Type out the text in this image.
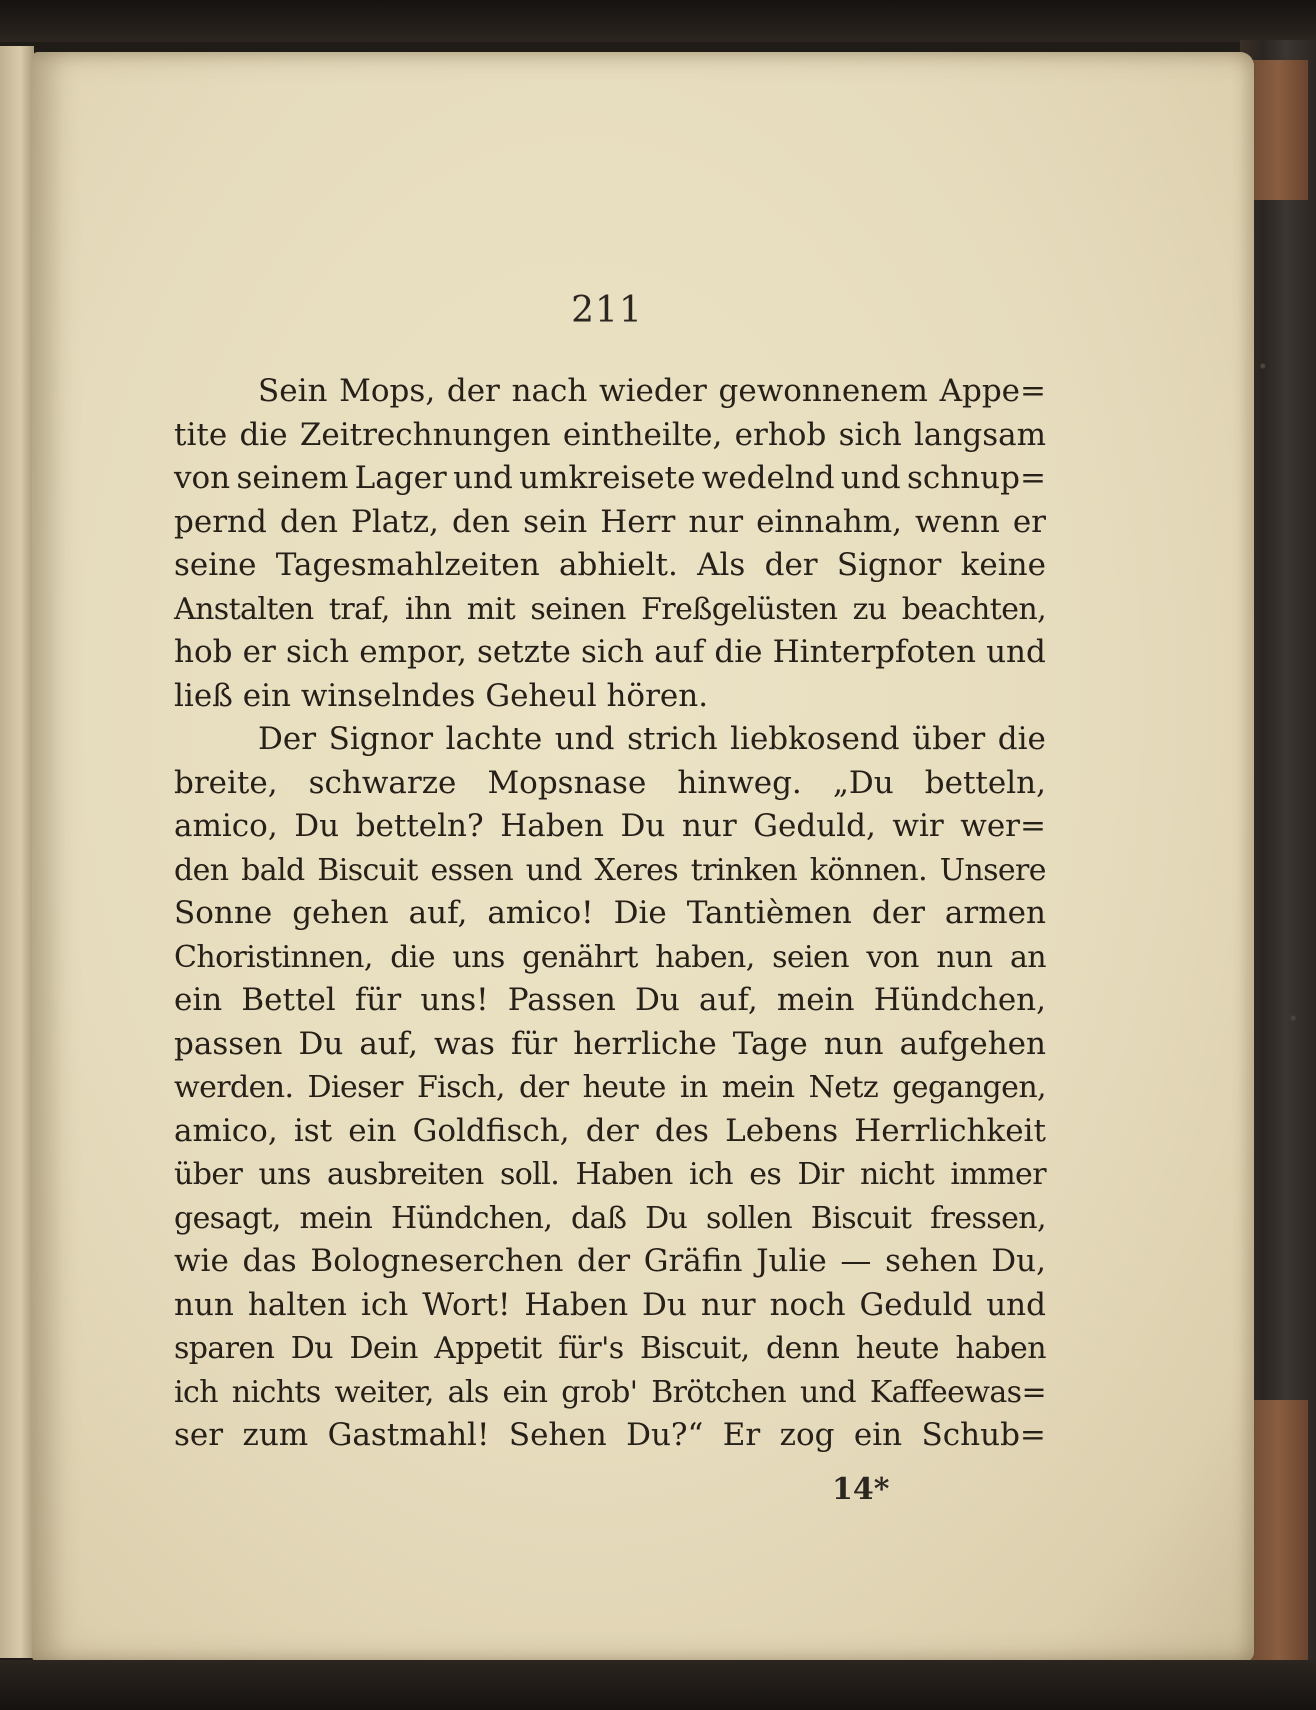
211
Sein Mops, der nach wieder gewonnenem Appe=
tite die Zeitrechnungen eintheilte, erhob sich langsam
von seinem Lager und umkreisete wedelnd und schnup=
pernd den Platz, den sein Herr nur einnahm, wenn er
seine Tagesmahlzeiten abhielt. Als der Signor keine
Anstalten traf, ihn mit seinen Freßgelüsten zu beachten,
hob er sich empor, setzte sich auf die Hinterpfoten und
ließ ein winselndes Geheul hören.
Der Signor lachte und strich liebkosend über die
breite, schwarze Mopsnase hinweg. „Du betteln,
amico, Du betteln? Haben Du nur Geduld, wir wer=
den bald Biscuit essen und Xeres trinken können. Unsere
Sonne gehen auf, amico! Die Tantièmen der armen
Choristinnen, die uns genährt haben, seien von nun an
ein Bettel für uns! Passen Du auf, mein Hündchen,
passen Du auf, was für herrliche Tage nun aufgehen
werden. Dieser Fisch, der heute in mein Netz gegangen,
amico, ist ein Goldfisch, der des Lebens Herrlichkeit
über uns ausbreiten soll. Haben ich es Dir nicht immer
gesagt, mein Hündchen, daß Du sollen Biscuit fressen,
wie das Bologneserchen der Gräfin Julie — sehen Du,
nun halten ich Wort! Haben Du nur noch Geduld und
sparen Du Dein Appetit für's Biscuit, denn heute haben
ich nichts weiter, als ein grob' Brötchen und Kaffeewas=
ser zum Gastmahl! Sehen Du?“ Er zog ein Schub=
14*
